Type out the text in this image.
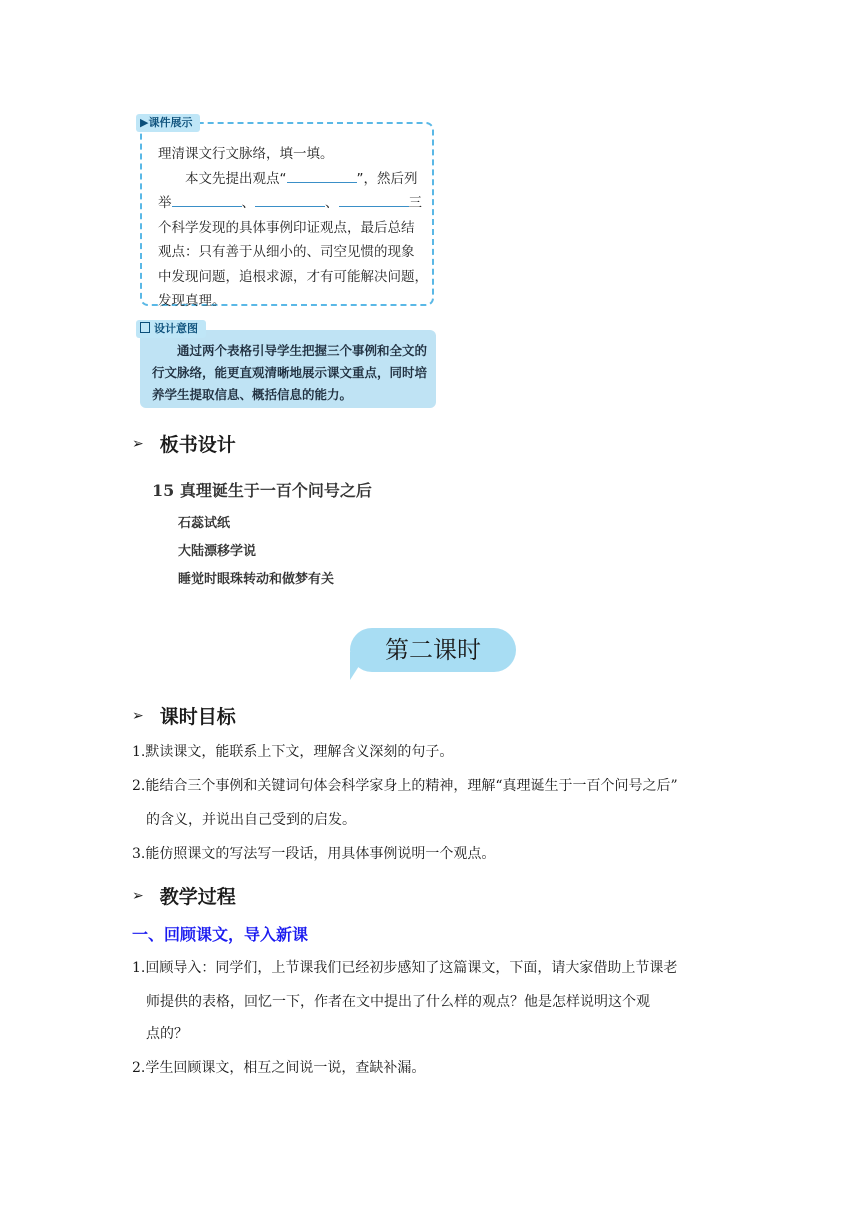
▶课件展示
理清课文行文脉络，填一填。
本文先提出观点“	”，然后列
举	、	、	三
个科学发现的具体事例印证观点，最后总结
观点：只有善于从细小的、司空见惯的现象
中发现问题，追根求源，才有可能解决问题，
发现真理。
设计意图
通过两个表格引导学生把握三个事例和全文的行文脉络，能更直观清晰地展示课文重点，同时培养学生提取信息、概括信息的能力。
➢ 板书设计
15 真理诞生于一百个问号之后
石蕊试纸
大陆漂移学说
睡觉时眼珠转动和做梦有关
第二课时
➢ 课时目标
1.默读课文，能联系上下文，理解含义深刻的句子。
2.能结合三个事例和关键词句体会科学家身上的精神，理解“真理诞生于一百个问号之后”
的含义，并说出自己受到的启发。
3.能仿照课文的写法写一段话，用具体事例说明一个观点。
➢ 教学过程
一、回顾课文，导入新课
1.回顾导入：同学们，上节课我们已经初步感知了这篇课文，下面，请大家借助上节课老
师提供的表格，回忆一下，作者在文中提出了什么样的观点？他是怎样说明这个观
点的？
2.学生回顾课文，相互之间说一说，查缺补漏。
